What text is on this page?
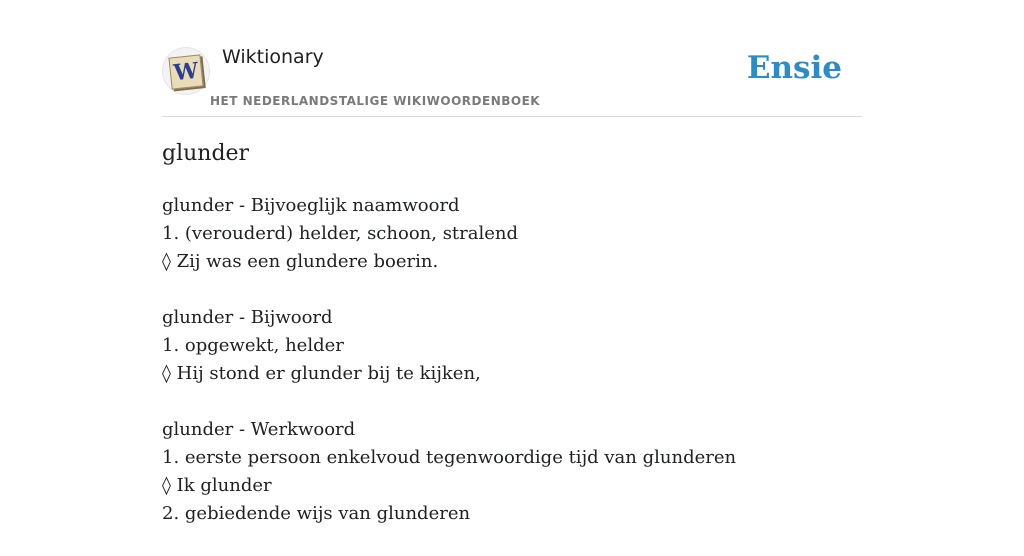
W
Wiktionary
HET NEDERLANDSTALIGE WIKIWOORDENBOEK
Ensie
glunder
glunder - Bijvoeglijk naamwoord
1. (verouderd) helder, schoon, stralend
◊ Zij was een glundere boerin.
glunder - Bijwoord
1. opgewekt, helder
◊ Hij stond er glunder bij te kijken,
glunder - Werkwoord
1. eerste persoon enkelvoud tegenwoordige tijd van glunderen
◊ Ik glunder
2. gebiedende wijs van glunderen
